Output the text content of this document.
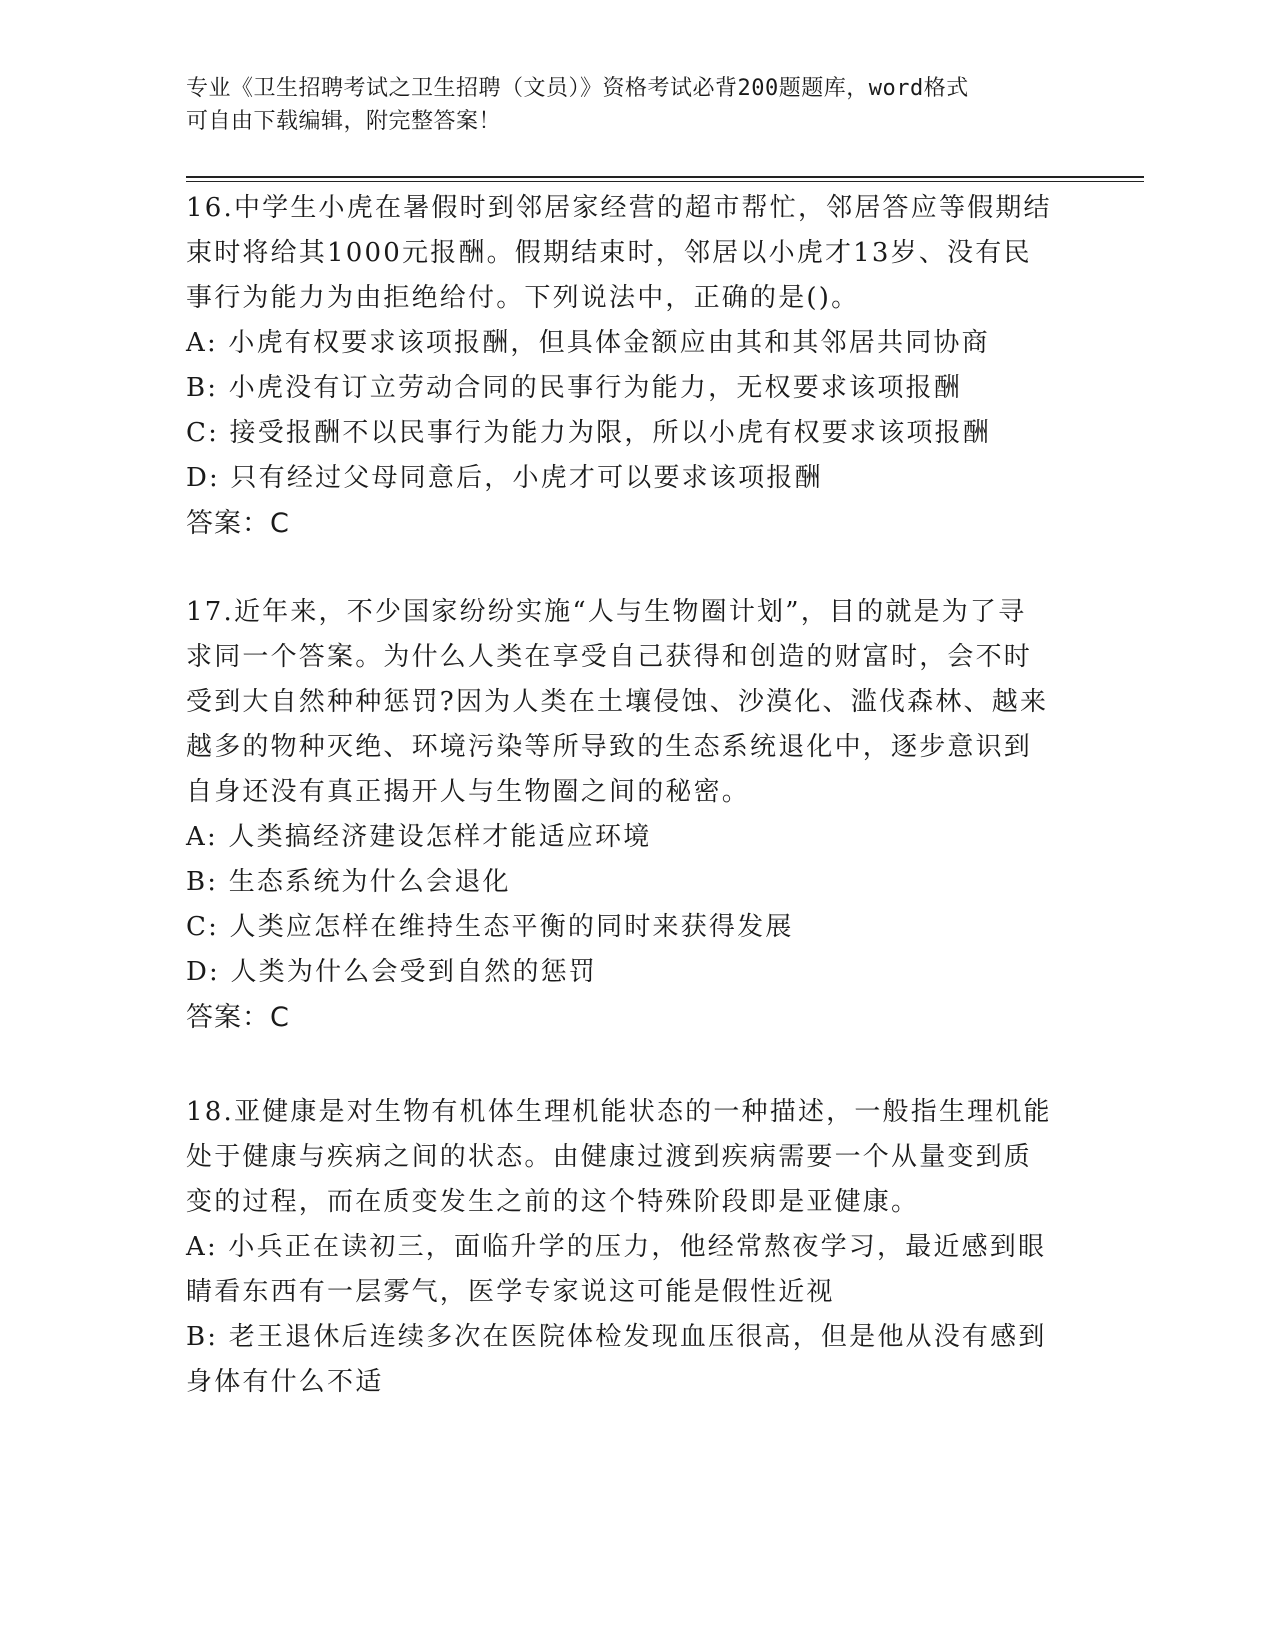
专业《卫生招聘考试之卫生招聘（文员）》资格考试必背200题题库，word格式
可自由下载编辑，附完整答案！

16.中学生小虎在暑假时到邻居家经营的超市帮忙，邻居答应等假期结

束时将给其1000元报酬。假期结束时，邻居以小虎才13岁、没有民

事行为能力为由拒绝给付。下列说法中，正确的是()。

A: 小虎有权要求该项报酬，但具体金额应由其和其邻居共同协商

B: 小虎没有订立劳动合同的民事行为能力，无权要求该项报酬

C: 接受报酬不以民事行为能力为限，所以小虎有权要求该项报酬

D: 只有经过父母同意后，小虎才可以要求该项报酬

答案：C

17.近年来，不少国家纷纷实施“人与生物圈计划”，目的就是为了寻

求同一个答案。为什么人类在享受自己获得和创造的财富时，会不时

受到大自然种种惩罚?因为人类在土壤侵蚀、沙漠化、滥伐森林、越来

越多的物种灭绝、环境污染等所导致的生态系统退化中，逐步意识到

自身还没有真正揭开人与生物圈之间的秘密。

A: 人类搞经济建设怎样才能适应环境

B: 生态系统为什么会退化

C: 人类应怎样在维持生态平衡的同时来获得发展

D: 人类为什么会受到自然的惩罚

答案：C

18.亚健康是对生物有机体生理机能状态的一种描述，一般指生理机能

处于健康与疾病之间的状态。由健康过渡到疾病需要一个从量变到质

变的过程，而在质变发生之前的这个特殊阶段即是亚健康。

A: 小兵正在读初三，面临升学的压力，他经常熬夜学习，最近感到眼

睛看东西有一层雾气，医学专家说这可能是假性近视

B: 老王退休后连续多次在医院体检发现血压很高，但是他从没有感到

身体有什么不适
